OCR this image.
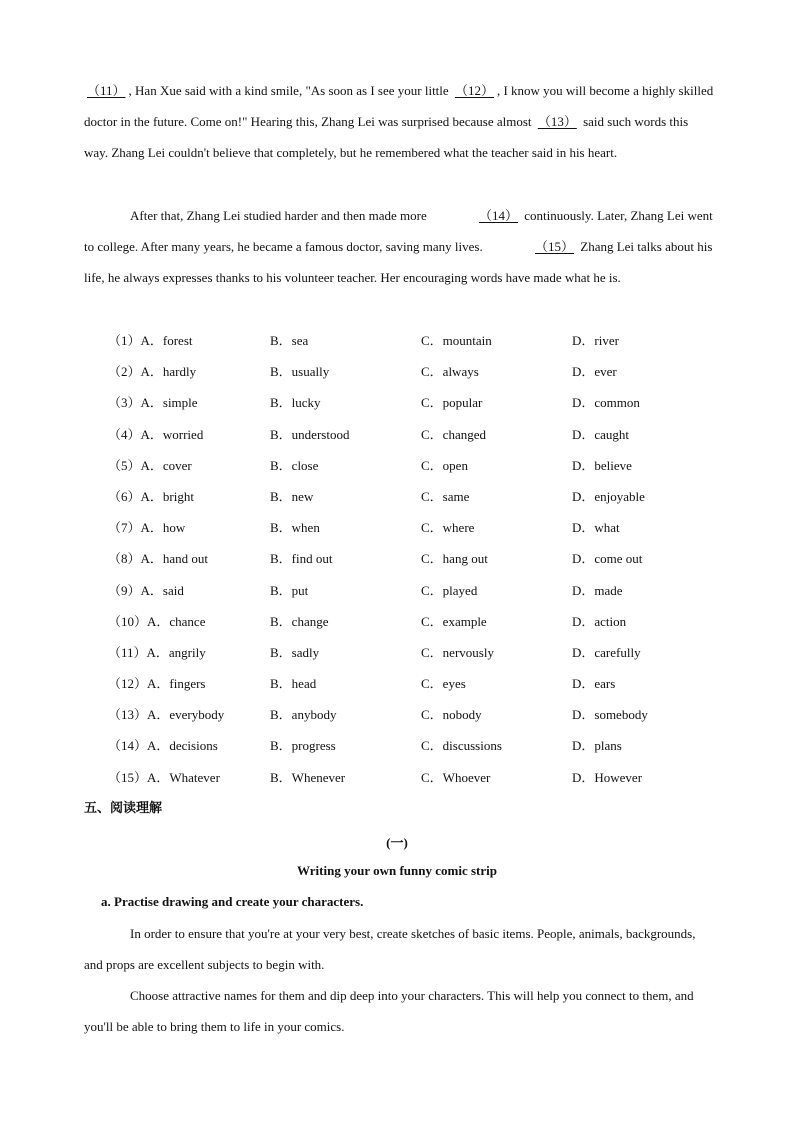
（11） , Han Xue said with a kind smile, "As soon as I see your little （12） , I know you will become a highly skilled doctor in the future. Come on!" Hearing this, Zhang Lei was surprised because almost （13） said such words this way. Zhang Lei couldn't believe that completely, but he remembered what the teacher said in his heart.

After that, Zhang Lei studied harder and then made more	（14） continuously. Later, Zhang Lei went to college. After many years, he became a famous doctor, saving many lives.	（15） Zhang Lei talks about his life, he always expresses thanks to his volunteer teacher. Her encouraging words have made what he is.

（1）A．forest	B．sea	C．mountain	D．river
（2）A．hardly	B．usually	C．always	D．ever
（3）A．simple	B．lucky	C．popular	D．common
（4）A．worried	B．understood	C．changed	D．caught
（5）A．cover	B．close	C．open	D．believe
（6）A．bright	B．new	C．same	D．enjoyable
（7）A．how	B．when	C．where	D．what
（8）A．hand out	B．find out	C．hang out	D．come out
（9）A．said	B．put	C．played	D．made
（10）A．chance	B．change	C．example	D．action
（11）A．angrily	B．sadly	C．nervously	D．carefully
（12）A．fingers	B．head	C．eyes	D．ears
（13）A．everybody	B．anybody	C．nobody	D．somebody
（14）A．decisions	B．progress	C．discussions	D．plans
（15）A．Whatever	B．Whenever	C．Whoever	D．However
五、阅读理解
(一)
Writing your own funny comic strip
a. Practise drawing and create your characters.

In order to ensure that you're at your very best, create sketches of basic items. People, animals, backgrounds, and props are excellent subjects to begin with.

Choose attractive names for them and dip deep into your characters. This will help you connect to them, and you'll be able to bring them to life in your comics.
